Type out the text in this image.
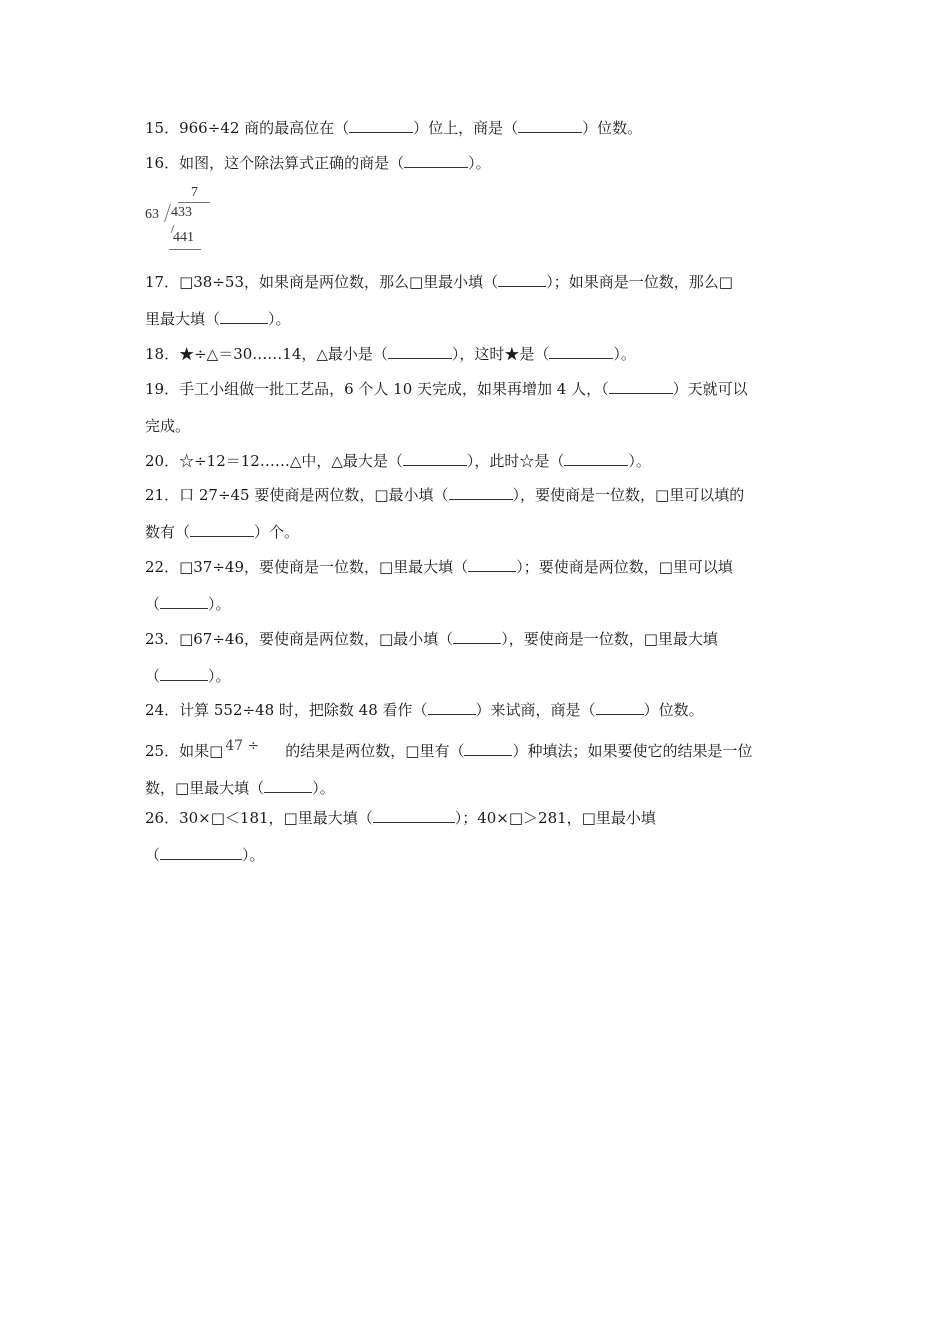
15．966÷42 商的最高位在（	）位上，商是（	）位数。
16．如图，这个除法算式正确的商是（	）。
7
63 433
441
17．□38÷53，如果商是两位数，那么□里最小填（	）；如果商是一位数，那么□
里最大填（	）。
18．★÷△＝30……14，△最小是（	），这时★是（	）。
19．手工小组做一批工艺品，6 个人 10 天完成，如果再增加 4 人，（	）天就可以
完成。
20．☆÷12＝12……△中，△最大是（	），此时☆是（	）。
21．口 27÷45 要使商是两位数，□最小填（	），要使商是一位数，□里可以填的
数有（	）个。
22．□37÷49，要使商是一位数，□里最大填（	）；要使商是两位数，□里可以填
（	）。
23．□67÷46，要使商是两位数，□最小填（	），要使商是一位数，□里最大填
（	）。
24．计算 552÷48 时，把除数 48 看作（	）来试商，商是（	）位数。
25．如果□ 47 ÷ 的结果是两位数，□里有（	）种填法；如果要使它的结果是一位
数，□里最大填（	）。
26．30×□＜181，□里最大填（	）；40×□＞281，□里最小填
（	）。
